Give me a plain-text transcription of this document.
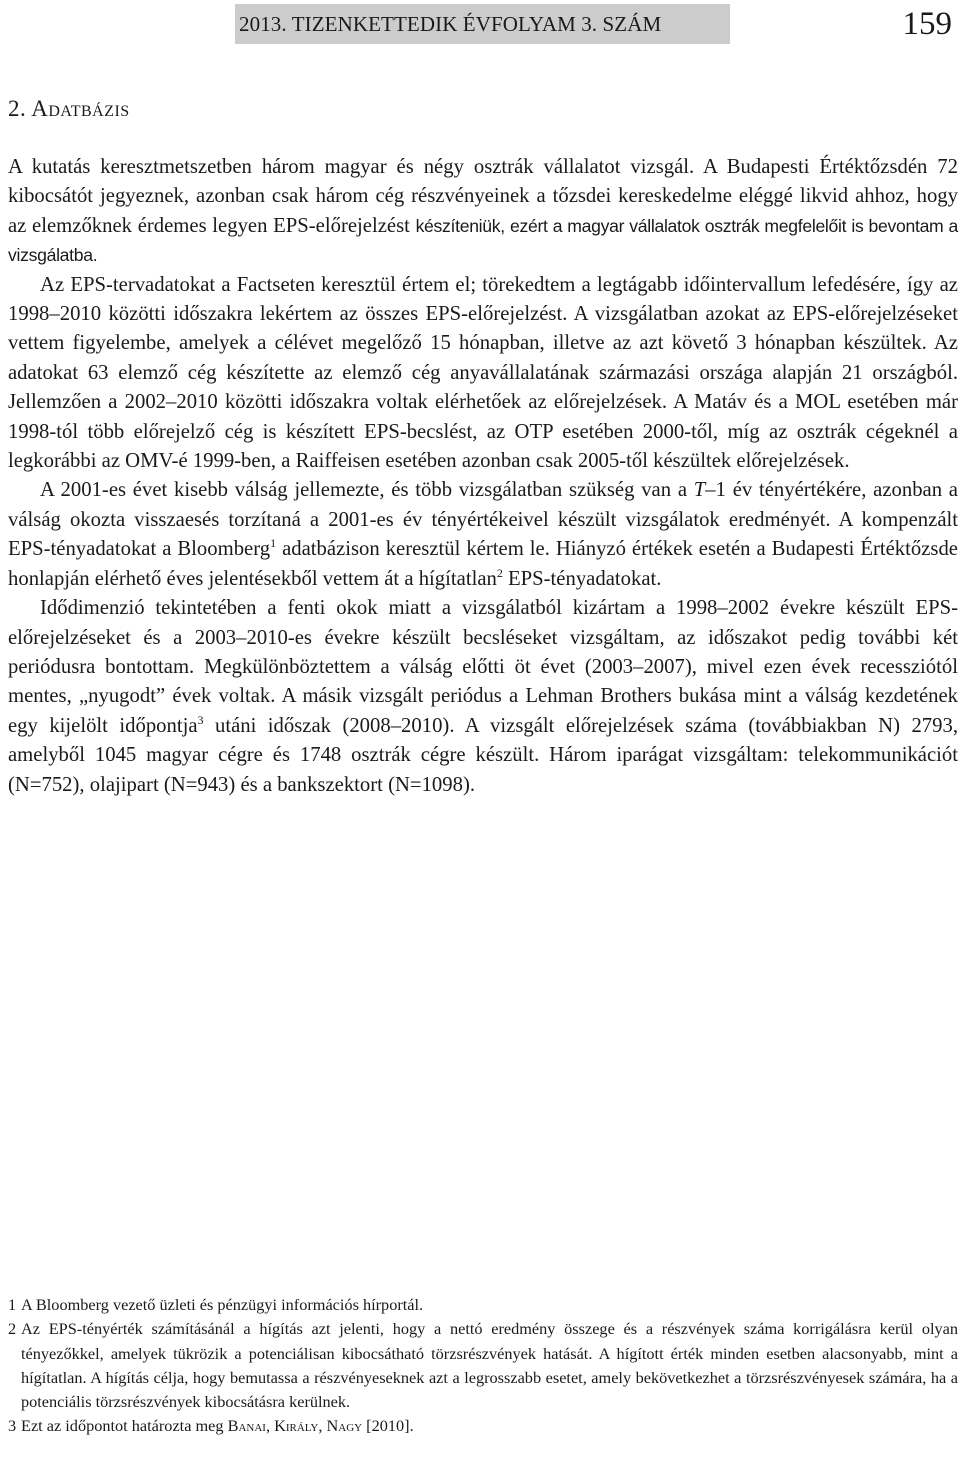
2013. TIZENKETTEDIK ÉVFOLYAM 3. SZÁM	159
2. Adatbázis

A kutatás keresztmetszetben három magyar és négy osztrák vállalatot vizsgál. A Budapesti Értéktőzsdén 72 kibocsátót jegyeznek, azonban csak három cég részvényeinek a tőzsdei kereskedelme eléggé likvid ahhoz, hogy az elemzőknek érdemes legyen EPS-előrejelzést készíteniük, ezért a magyar vállalatok osztrák megfelelőit is bevontam a vizsgálatba.

Az EPS-tervadatokat a Factseten keresztül értem el; törekedtem a legtágabb időintervallum lefedésére, így az 1998–2010 közötti időszakra lekértem az összes EPS-előrejelzést. A vizsgálatban azokat az EPS-előrejelzéseket vettem figyelembe, amelyek a célévet megelőző 15 hónapban, illetve az azt követő 3 hónapban készültek. Az adatokat 63 elemző cég készítette az elemző cég anyavállalatának származási országa alapján 21 országból. Jellemzően a 2002–2010 közötti időszakra voltak elérhetőek az előrejelzések. A Matáv és a MOL esetében már 1998-tól több előrejelző cég is készített EPS-becslést, az OTP esetében 2000-től, míg az osztrák cégeknél a legkorábbi az OMV-é 1999-ben, a Raiffeisen esetében azonban csak 2005-től készültek előrejelzések.

A 2001-es évet kisebb válság jellemezte, és több vizsgálatban szükség van a T–1 év tényértékére, azonban a válság okozta visszaesés torzítaná a 2001-es év tényértékeivel készült vizsgálatok eredményét. A kompenzált EPS-tényadatokat a Bloomberg$^1$ adatbázison keresztül kértem le. Hiányzó értékek esetén a Budapesti Értéktőzsde honlapján elérhető éves jelentésekből vettem át a hígítatlan$^2$ EPS-tényadatokat.

Idődimenzió tekintetében a fenti okok miatt a vizsgálatból kizártam a 1998–2002 évekre készült EPS-előrejelzéseket és a 2003–2010-es évekre készült becsléseket vizsgáltam, az időszakot pedig további két periódusra bontottam. Megkülönböztettem a válság előtti öt évet (2003–2007), mivel ezen évek recessziótól mentes, „nyugodt” évek voltak. A másik vizsgált periódus a Lehman Brothers bukása mint a válság kezdetének egy kijelölt időpontja$^3$ utáni időszak (2008–2010). A vizsgált előrejelzések száma (továbbiakban N) 2793, amelyből 1045 magyar cégre és 1748 osztrák cégre készült. Három iparágat vizsgáltam: telekommunikációt (N=752), olajipart (N=943) és a bankszektort (N=1098).

1 A Bloomberg vezető üzleti és pénzügyi információs hírportál.
2 Az EPS-tényérték számításánál a hígítás azt jelenti, hogy a nettó eredmény összege és a részvények száma korrigálásra kerül olyan tényezőkkel, amelyek tükrözik a potenciálisan kibocsátható törzsrészvények hatását. A hígított érték minden esetben alacsonyabb, mint a hígítatlan. A hígítás célja, hogy bemutassa a részvényeseknek azt a legrosszabb esetet, amely bekövetkezhet a törzsrészvényesek számára, ha a potenciális törzsrészvények kibocsátásra kerülnek.
3 Ezt az időpontot határozta meg Banai, Király, Nagy [2010].
